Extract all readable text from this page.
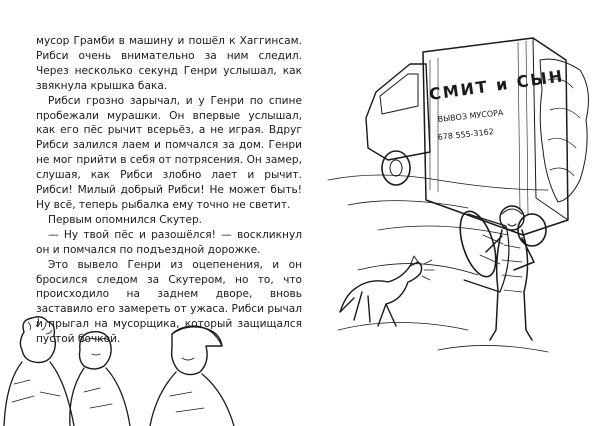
мусор Грамби в машину и пошёл к Хаггинсам. Рибси очень внимательно за ним следил. Через несколько секунд Генри услышал, как звякнула крышка бака.

Рибси грозно зарычал, и у Генри по спине пробежали мурашки. Он впервые услышал, как его пёс рычит всерьёз, а не играя. Вдруг Рибси залился лаем и помчался за дом. Генри не мог прийти в себя от потрясения. Он замер, слушая, как Рибси злобно лает и рычит. Рибси! Милый добрый Рибси! Не может быть! Ну всё, теперь рыбалка ему точно не светит.

Первым опомнился Скутер.

— Ну твой пёс и разошёлся! — воскликнул он и помчался по подъездной дорожке.

Это вывело Генри из оцепенения, и он бросился следом за Скутером, но то, что происходило на заднем дворе, вновь заставило его замереть от ужаса. Рибси рычал и прыгал на мусорщика, который защищался пустой бочкой.

СМИТ и СЫН
ВЫВОЗ МУСОРА
678 555-3162
